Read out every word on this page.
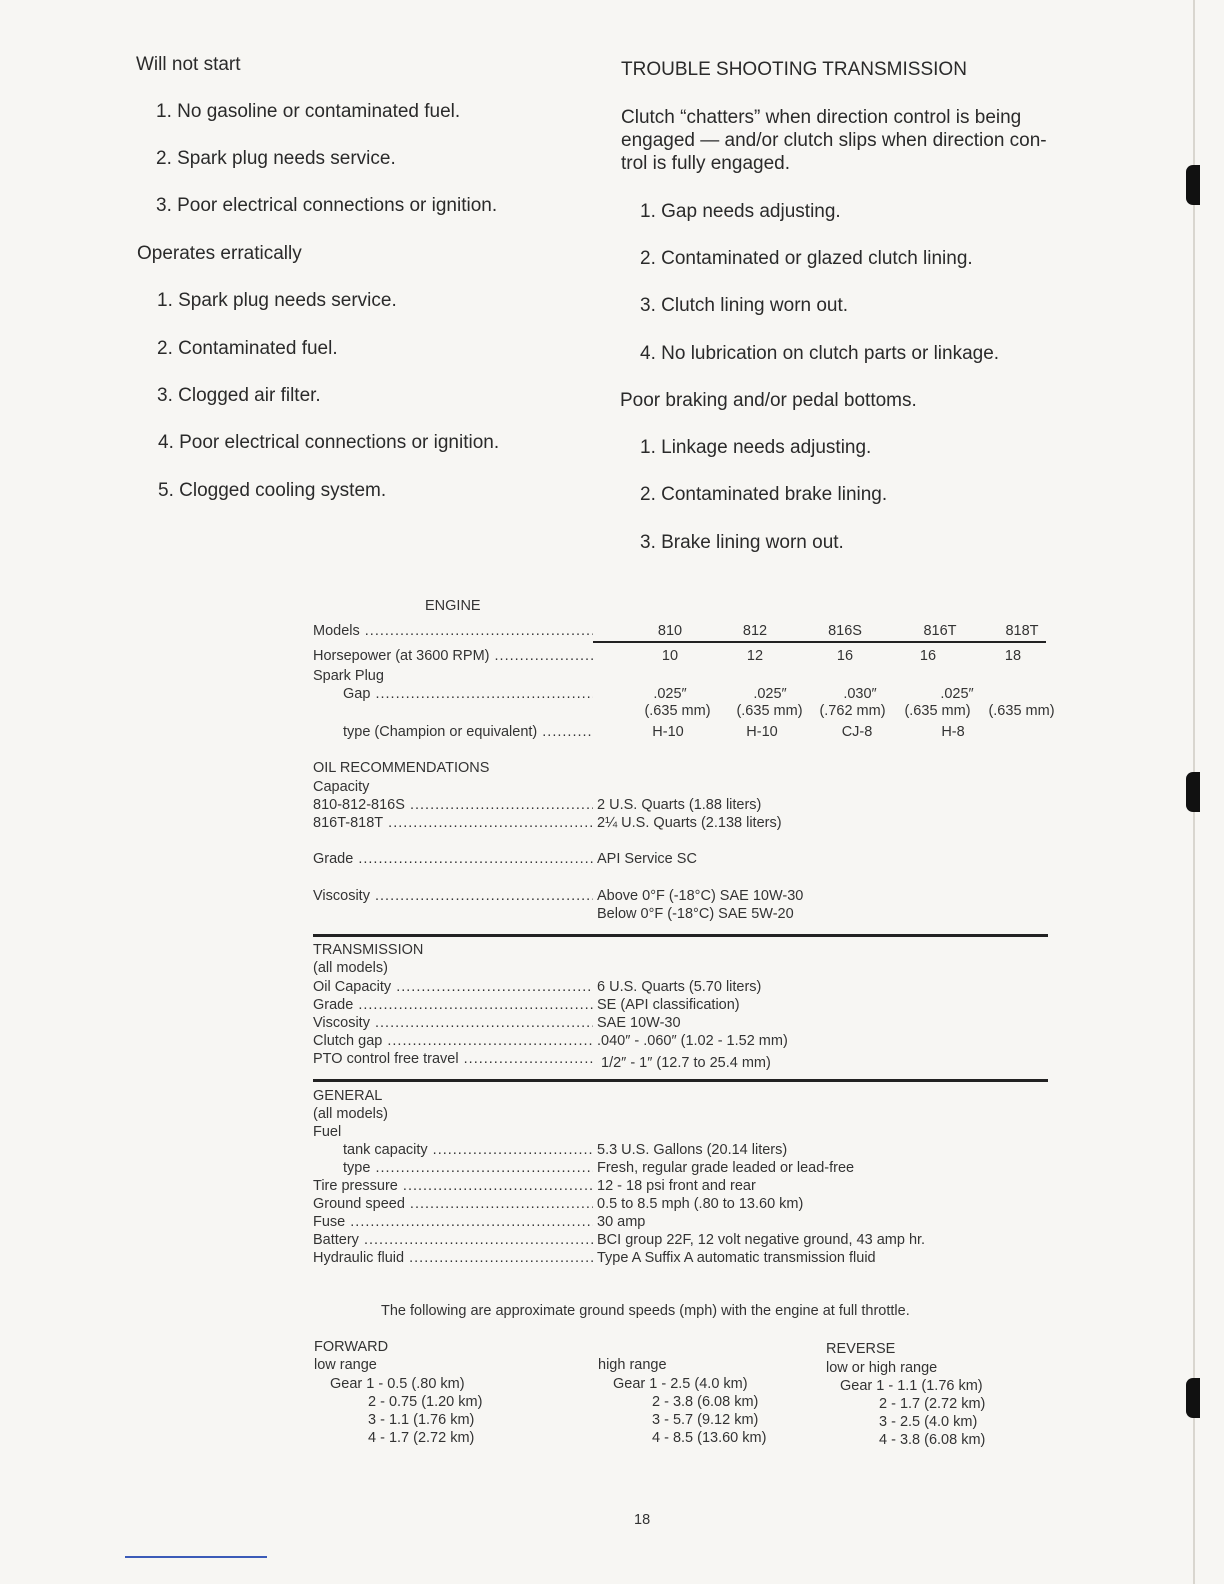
Will not start
1. No gasoline or contaminated fuel.
2. Spark plug needs service.
3. Poor electrical connections or ignition.
Operates erratically
1. Spark plug needs service.
2. Contaminated fuel.
3. Clogged air filter.
4. Poor electrical connections or ignition.
5. Clogged cooling system.
TROUBLE SHOOTING TRANSMISSION
Clutch “chatters” when direction control is being
engaged — and/or clutch slips when direction con-
trol is fully engaged.
1. Gap needs adjusting.
2. Contaminated or glazed clutch lining.
3. Clutch lining worn out.
4. No lubrication on clutch parts or linkage.
Poor braking and/or pedal bottoms.
1. Linkage needs adjusting.
2. Contaminated brake lining.
3. Brake lining worn out.
ENGINE
Models .....	810	812	816S	816T	818T
Horsepower (at 3600 RPM) .....	10	12	16	16	18
Spark Plug
Gap .....	.025″	.025″	.030″	.025″
(.635 mm)	(.635 mm)	(.762 mm)	(.635 mm)	(.635 mm)
type (Champion or equivalent) .....	H-10	H-10	CJ-8	H-8
OIL RECOMMENDATIONS
Capacity
810-812-816S .....	2 U.S. Quarts (1.88 liters)
816T-818T .....	2¼ U.S. Quarts (2.138 liters)
Grade .....	API Service SC
Viscosity .....	Above 0°F (-18°C) SAE 10W-30
Below 0°F (-18°C) SAE 5W-20
TRANSMISSION
(all models)
Oil Capacity .....	6 U.S. Quarts (5.70 liters)
Grade .....	SE (API classification)
Viscosity .....	SAE 10W-30
Clutch gap .....	.040″ - .060″ (1.02 - 1.52 mm)
PTO control free travel .....	1/2″ - 1″ (12.7 to 25.4 mm)
GENERAL
(all models)
Fuel
tank capacity .....	5.3 U.S. Gallons (20.14 liters)
type .....	Fresh, regular grade leaded or lead-free
Tire pressure .....	12 - 18 psi front and rear
Ground speed .....	0.5 to 8.5 mph (.80 to 13.60 km)
Fuse .....	30 amp
Battery .....	BCI group 22F, 12 volt negative ground, 43 amp hr.
Hydraulic fluid .....	Type A Suffix A automatic transmission fluid
The following are approximate ground speeds (mph) with the engine at full throttle.
FORWARD
low range
Gear 1 - 0.5 (.80 km)
2 - 0.75 (1.20 km)
3 - 1.1 (1.76 km)
4 - 1.7 (2.72 km)
high range
Gear 1 - 2.5 (4.0 km)
2 - 3.8 (6.08 km)
3 - 5.7 (9.12 km)
4 - 8.5 (13.60 km)
REVERSE
low or high range
Gear 1 - 1.1 (1.76 km)
2 - 1.7 (2.72 km)
3 - 2.5 (4.0 km)
4 - 3.8 (6.08 km)
18
